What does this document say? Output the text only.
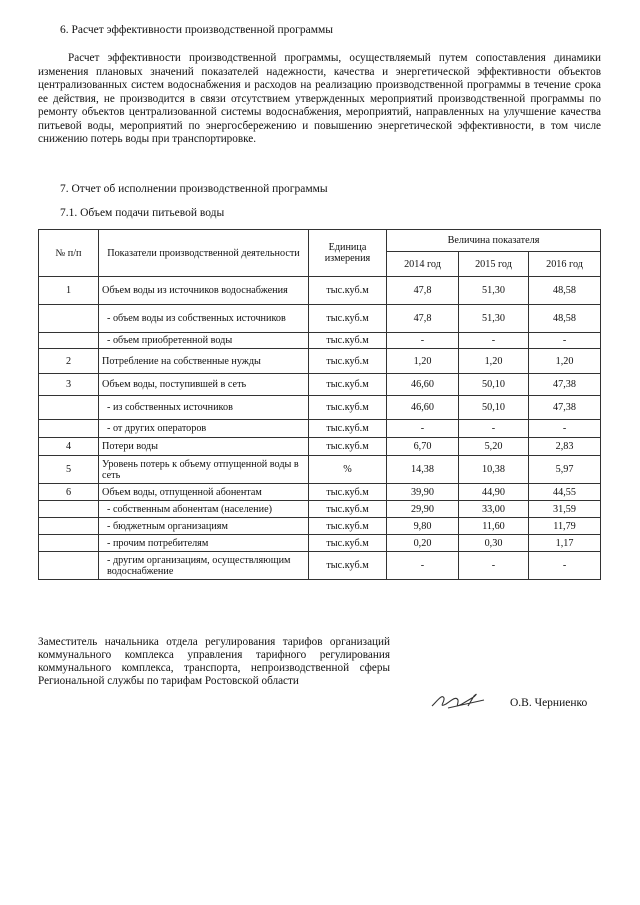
6. Расчет эффективности производственной программы

Расчет эффективности производственной программы, осуществляемый путем сопоставления динамики изменения плановых значений показателей надежности, качества и энергетической эффективности объектов централизованных систем водоснабжения и расходов на реализацию производственной программы в течение срока ее действия, не производится в связи отсутствием утвержденных мероприятий производственной программы по ремонту объектов централизованной системы водоснабжения, мероприятий, направленных на улучшение качества питьевой воды, мероприятий по энергосбережению и повышению энергетической эффективности, в том числе снижению потерь воды при транспортировке.

7. Отчет об исполнении производственной программы
7.1. Объем подачи питьевой воды
№ п/п	Показатели производственной деятельности	Единица измерения	Величина показателя		
			2014 год	2015 год	2016 год
1	Объем воды из источников водоснабжения	тыс.куб.м	47,8	51,30	48,58
	- объем воды из собственных источников	тыс.куб.м	47,8	51,30	48,58
	- объем приобретенной воды	тыс.куб.м	-	-	-
2	Потребление на собственные нужды	тыс.куб.м	1,20	1,20	1,20
3	Объем воды, поступившей в сеть	тыс.куб.м	46,60	50,10	47,38
	- из собственных источников	тыс.куб.м	46,60	50,10	47,38
	- от других операторов	тыс.куб.м	-	-	-
4	Потери воды	тыс.куб.м	6,70	5,20	2,83
5	Уровень потерь к объему отпущенной воды в сеть	%	14,38	10,38	5,97
6	Объем воды, отпущенной абонентам	тыс.куб.м	39,90	44,90	44,55
	- собственным абонентам (население)	тыс.куб.м	29,90	33,00	31,59
	- бюджетным организациям	тыс.куб.м	9,80	11,60	11,79
	- прочим потребителям	тыс.куб.м	0,20	0,30	1,17
	- другим организациям, осуществляющим водоснабжение	тыс.куб.м	-	-	-

Заместитель начальника отдела регулирования тарифов организаций коммунального комплекса управления тарифного регулирования коммунального комплекса, транспорта, непроизводственной сферы Региональной службы по тарифам Ростовской области

О.В. Черниенко
